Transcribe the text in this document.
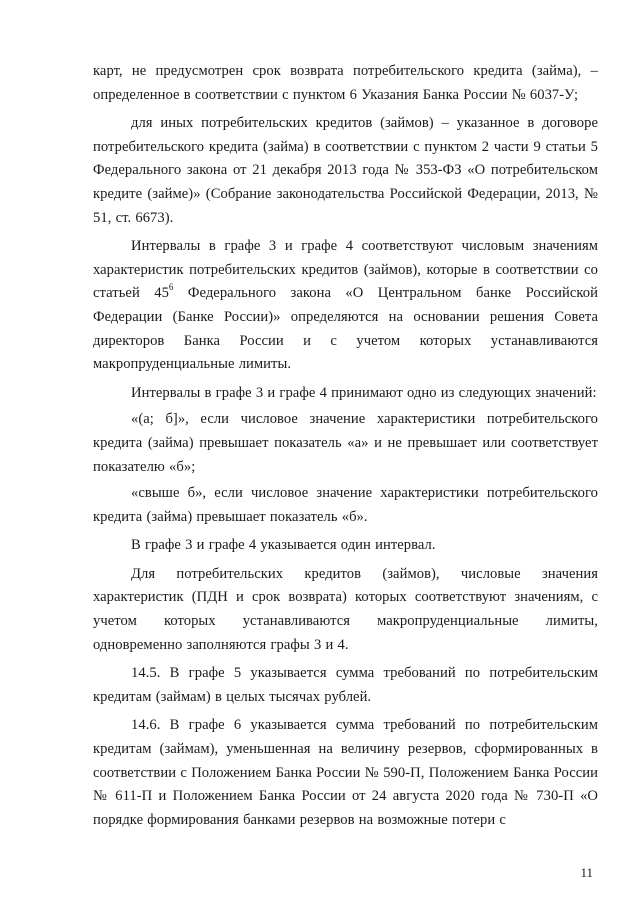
карт, не предусмотрен срок возврата потребительского кредита (займа), – определенное в соответствии с пунктом 6 Указания Банка России № 6037-У;

для иных потребительских кредитов (займов) – указанное в договоре потребительского кредита (займа) в соответствии с пунктом 2 части 9 статьи 5 Федерального закона от 21 декабря 2013 года № 353-ФЗ «О потребительском кредите (займе)» (Собрание законодательства Российской Федерации, 2013, № 51, ст. 6673).

Интервалы в графе 3 и графе 4 соответствуют числовым значениям характеристик потребительских кредитов (займов), которые в соответствии со статьей $45^6$ Федерального закона «О Центральном банке Российской Федерации (Банке России)» определяются на основании решения Совета директоров Банка России и с учетом которых устанавливаются макропруденциальные лимиты.

Интервалы в графе 3 и графе 4 принимают одно из следующих значений:

«(а; б]», если числовое значение характеристики потребительского кредита (займа) превышает показатель «а» и не превышает или соответствует показателю «б»;

«свыше б», если числовое значение характеристики потребительского кредита (займа) превышает показатель «б».

В графе 3 и графе 4 указывается один интервал.

Для потребительских кредитов (займов), числовые значения характеристик (ПДН и срок возврата) которых соответствуют значениям, с учетом которых устанавливаются макропруденциальные лимиты, одновременно заполняются графы 3 и 4.

14.5. В графе 5 указывается сумма требований по потребительским кредитам (займам) в целых тысячах рублей.

14.6. В графе 6 указывается сумма требований по потребительским кредитам (займам), уменьшенная на величину резервов, сформированных в соответствии с Положением Банка России № 590-П, Положением Банка России № 611-П и Положением Банка России от 24 августа 2020 года № 730-П «О порядке формирования банками резервов на возможные потери с

11
